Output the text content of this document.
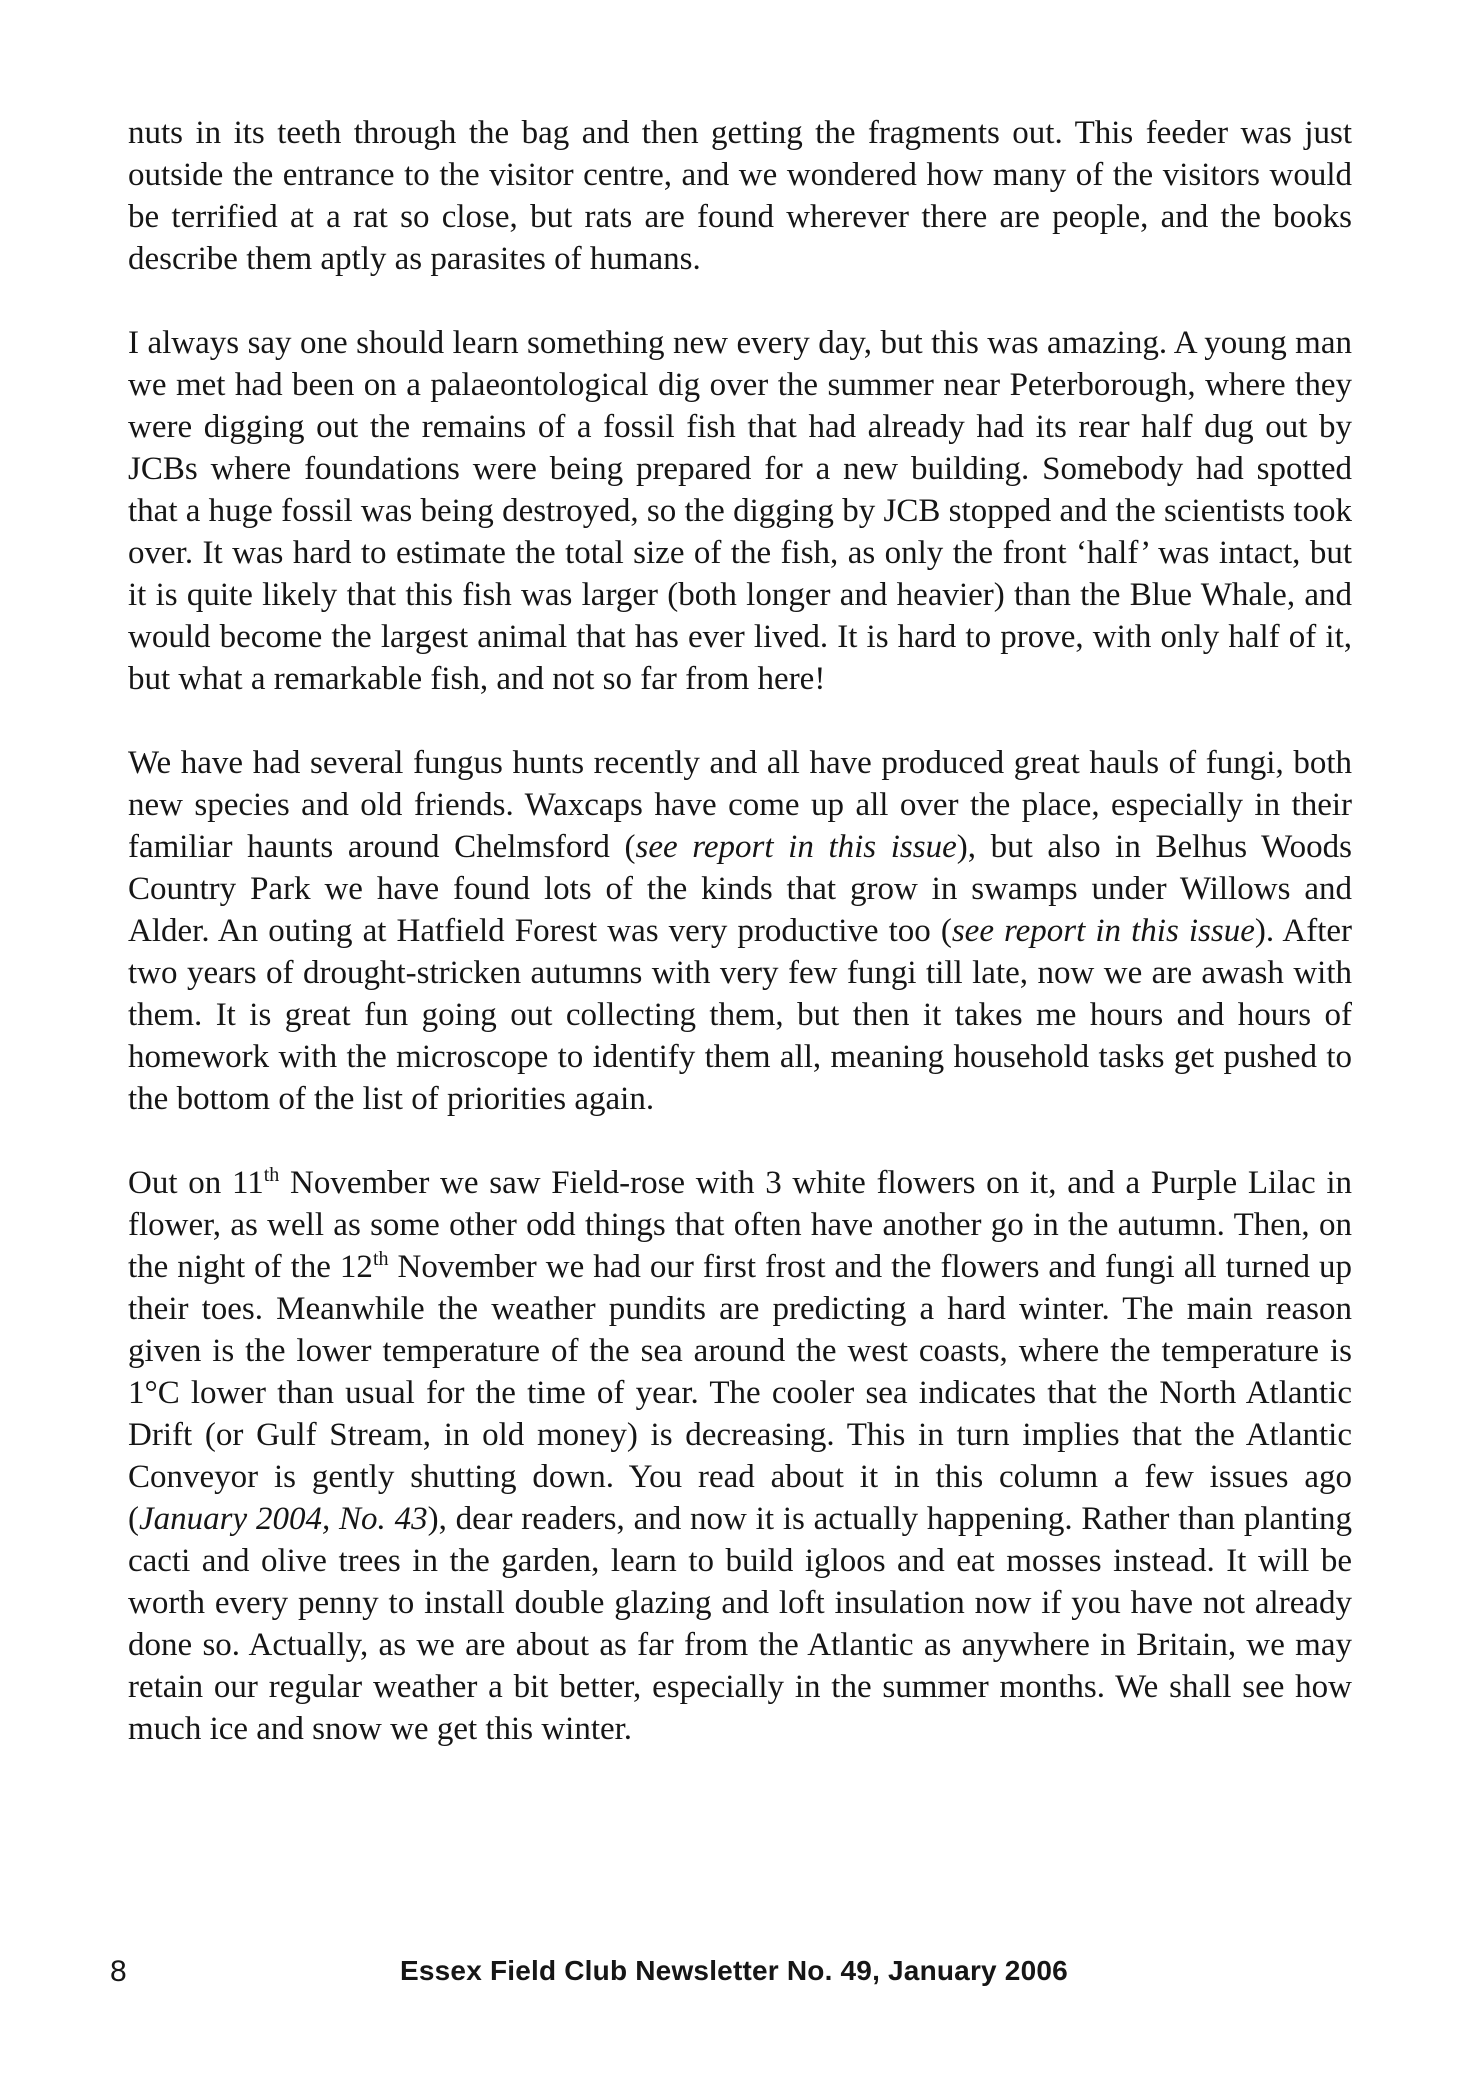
nuts in its teeth through the bag and then getting the fragments out. This feeder was just outside the entrance to the visitor centre, and we wondered how many of the visitors would be terrified at a rat so close, but rats are found wherever there are people, and the books describe them aptly as parasites of humans.

I always say one should learn something new every day, but this was amazing. A young man we met had been on a palaeontological dig over the summer near Peterborough, where they were digging out the remains of a fossil fish that had already had its rear half dug out by JCBs where foundations were being prepared for a new building. Somebody had spotted that a huge fossil was being destroyed, so the digging by JCB stopped and the scientists took over. It was hard to estimate the total size of the fish, as only the front ‘half’ was intact, but it is quite likely that this fish was larger (both longer and heavier) than the Blue Whale, and would become the largest animal that has ever lived. It is hard to prove, with only half of it, but what a remarkable fish, and not so far from here!

We have had several fungus hunts recently and all have produced great hauls of fungi, both new species and old friends. Waxcaps have come up all over the place, especially in their familiar haunts around Chelmsford (see report in this issue), but also in Belhus Woods Country Park we have found lots of the kinds that grow in swamps under Willows and Alder. An outing at Hatfield Forest was very productive too (see report in this issue). After two years of drought-stricken autumns with very few fungi till late, now we are awash with them. It is great fun going out collecting them, but then it takes me hours and hours of homework with the microscope to identify them all, meaning household tasks get pushed to the bottom of the list of priorities again.

Out on 11th November we saw Field-rose with 3 white flowers on it, and a Purple Lilac in flower, as well as some other odd things that often have another go in the autumn. Then, on the night of the 12th November we had our first frost and the flowers and fungi all turned up their toes. Meanwhile the weather pundits are predicting a hard winter. The main reason given is the lower temperature of the sea around the west coasts, where the temperature is 1°C lower than usual for the time of year. The cooler sea indicates that the North Atlantic Drift (or Gulf Stream, in old money) is decreasing. This in turn implies that the Atlantic Conveyor is gently shutting down. You read about it in this column a few issues ago (January 2004, No. 43), dear readers, and now it is actually happening. Rather than planting cacti and olive trees in the garden, learn to build igloos and eat mosses instead. It will be worth every penny to install double glazing and loft insulation now if you have not already done so. Actually, as we are about as far from the Atlantic as anywhere in Britain, we may retain our regular weather a bit better, especially in the summer months. We shall see how much ice and snow we get this winter.

8	Essex Field Club Newsletter No. 49, January 2006
